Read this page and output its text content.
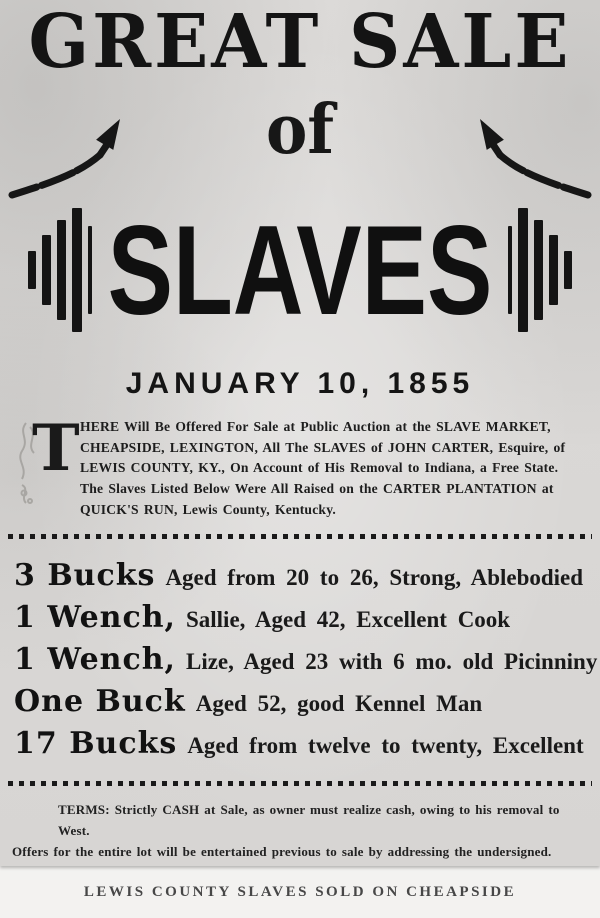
GREAT SALE
of
SLAVES
JANUARY 10, 1855
T HERE Will Be Offered For Sale at Public Auction at the SLAVE MARKET, CHEAPSIDE, LEXINGTON, All The SLAVES of JOHN CARTER, Esquire, of LEWIS COUNTY, KY., On Account of His Removal to Indiana, a Free State. The Slaves Listed Below Were All Raised on the CARTER PLANTATION at QUICK'S RUN, Lewis County, Kentucky.
3 Bucks Aged from 20 to 26, Strong, Ablebodied
1 Wench, Sallie, Aged 42, Excellent Cook
1 Wench, Lize, Aged 23 with 6 mo. old Picinniny
One Buck Aged 52, good Kennel Man
17 Bucks Aged from twelve to twenty, Excellent
TERMS: Strictly CASH at Sale, as owner must realize cash, owing to his removal to West.
Offers for the entire lot will be entertained previous to sale by addressing the undersigned.
LEWIS COUNTY SLAVES SOLD ON CHEAPSIDE
